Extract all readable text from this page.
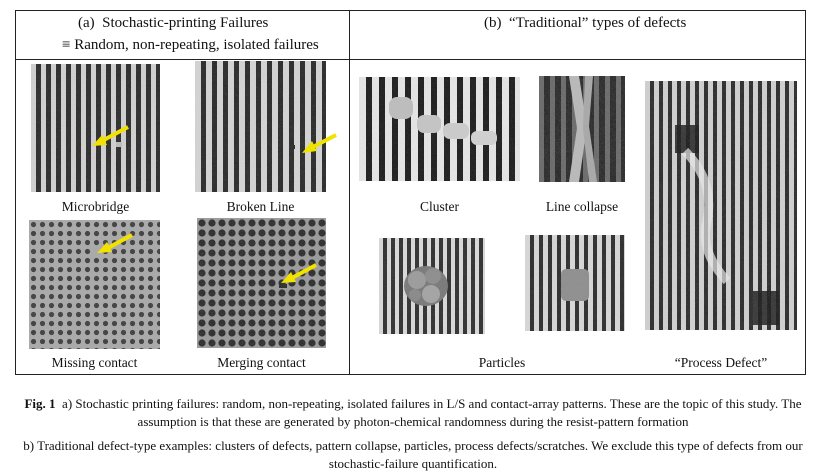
(a) Stochastic-printing Failures
≡ Random, non-repeating, isolated failures
(b) “Traditional” types of defects
Microbridge	Broken Line
Missing contact	Merging contact
Cluster	Line collapse
Particles	“Process Defect”
Fig. 1 a) Stochastic printing failures: random, non-repeating, isolated failures in L/S and contact-array patterns. These are the topic of this study. The assumption is that these are generated by photon-chemical randomness during the resist-pattern formation
b) Traditional defect-type examples: clusters of defects, pattern collapse, particles, process defects/scratches. We exclude this type of defects from our stochastic-failure quantification.
